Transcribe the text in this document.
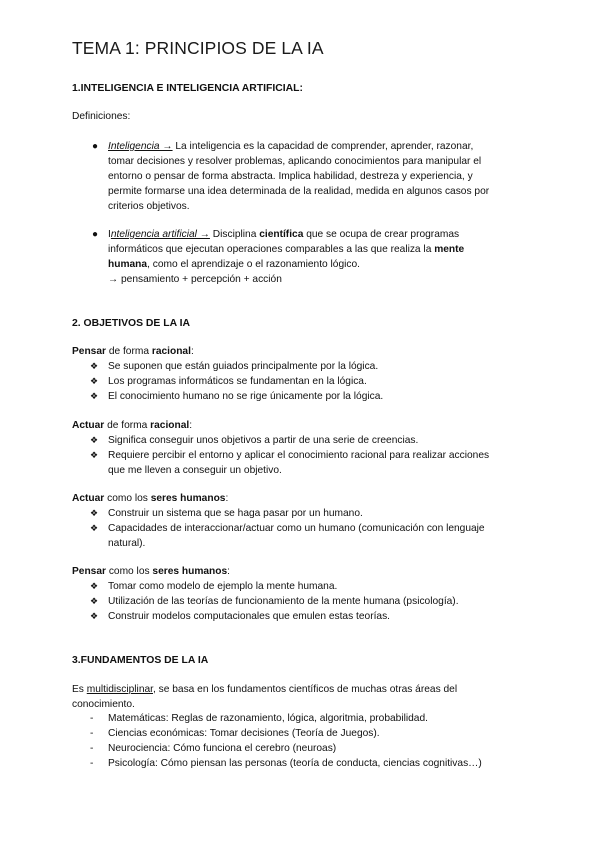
TEMA 1: PRINCIPIOS DE LA IA
1.INTELIGENCIA E INTELIGENCIA ARTIFICIAL:

Definiciones:

● Inteligencia → La inteligencia es la capacidad de comprender, aprender, razonar,

tomar decisiones y resolver problemas, aplicando conocimientos para manipular el

entorno o pensar de forma abstracta. Implica habilidad, destreza y experiencia, y

permite formarse una idea determinada de la realidad, medida en algunos casos por

criterios objetivos.

● Inteligencia artificial → Disciplina científica que se ocupa de crear programas

informáticos que ejecutan operaciones comparables a las que realiza la mente

humana, como el aprendizaje o el razonamiento lógico.

→ pensamiento + percepción + acción

2. OBJETIVOS DE LA IA

Pensar de forma racional:

❖ Se suponen que están guiados principalmente por la lógica.

❖ Los programas informáticos se fundamentan en la lógica.

❖ El conocimiento humano no se rige únicamente por la lógica.

Actuar de forma racional:

❖ Significa conseguir unos objetivos a partir de una serie de creencias.

❖ Requiere percibir el entorno y aplicar el conocimiento racional para realizar acciones

que me lleven a conseguir un objetivo.

Actuar como los seres humanos:

❖ Construir un sistema que se haga pasar por un humano.

❖ Capacidades de interaccionar/actuar como un humano (comunicación con lenguaje

natural).

Pensar como los seres humanos:

❖ Tomar como modelo de ejemplo la mente humana.

❖ Utilización de las teorías de funcionamiento de la mente humana (psicología).

❖ Construir modelos computacionales que emulen estas teorías.

3.FUNDAMENTOS DE LA IA

Es multidisciplinar, se basa en los fundamentos científicos de muchas otras áreas del

conocimiento.

- Matemáticas: Reglas de razonamiento, lógica, algoritmia, probabilidad.

- Ciencias económicas: Tomar decisiones (Teoría de Juegos).

- Neurociencia: Cómo funciona el cerebro (neuroas)

- Psicología: Cómo piensan las personas (teoría de conducta, ciencias cognitivas…)
